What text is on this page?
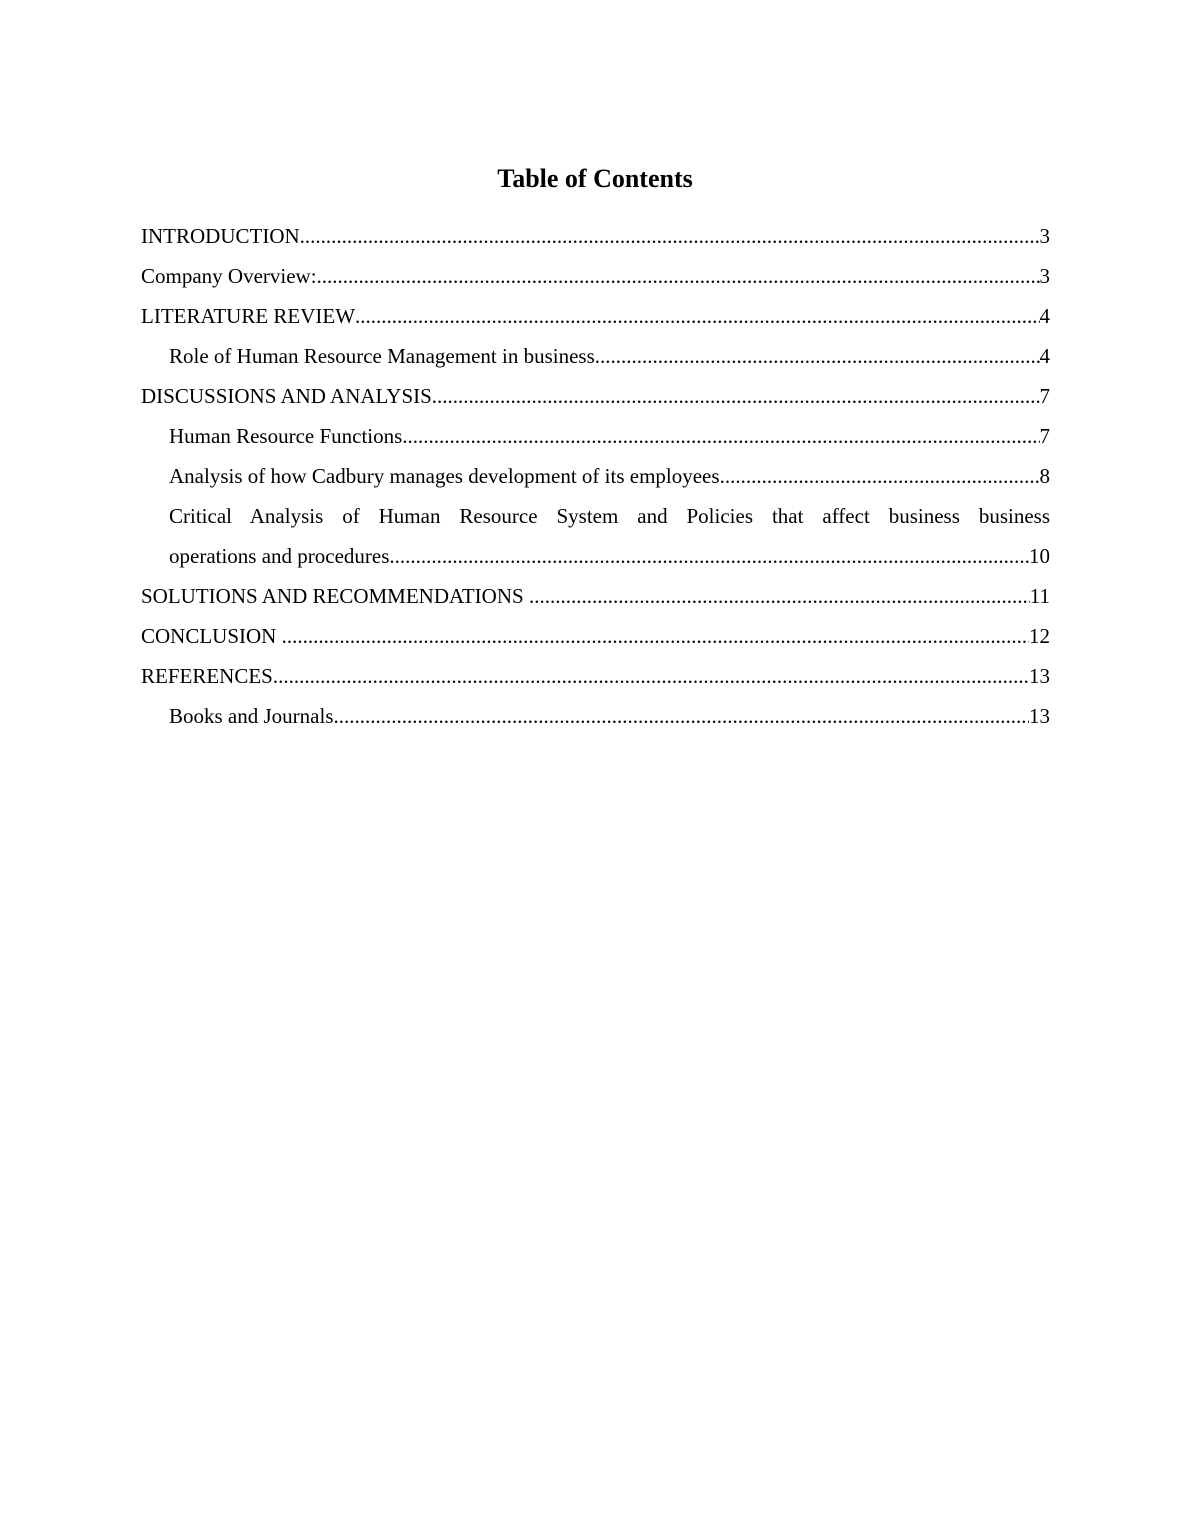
Table of Contents
INTRODUCTION .....	3
Company Overview: .....	3
LITERATURE REVIEW .....	4
Role of Human Resource Management in business .....	4
DISCUSSIONS AND ANALYSIS .....	7
Human Resource Functions .....	7
Analysis of how Cadbury manages development of its employees .....	8
Critical Analysis of Human Resource System and Policies that affect business business
operations and procedures .....	10
SOLUTIONS AND RECOMMENDATIONS .....	11
CONCLUSION .....	12
REFERENCES .....	13
Books and Journals .....	13
